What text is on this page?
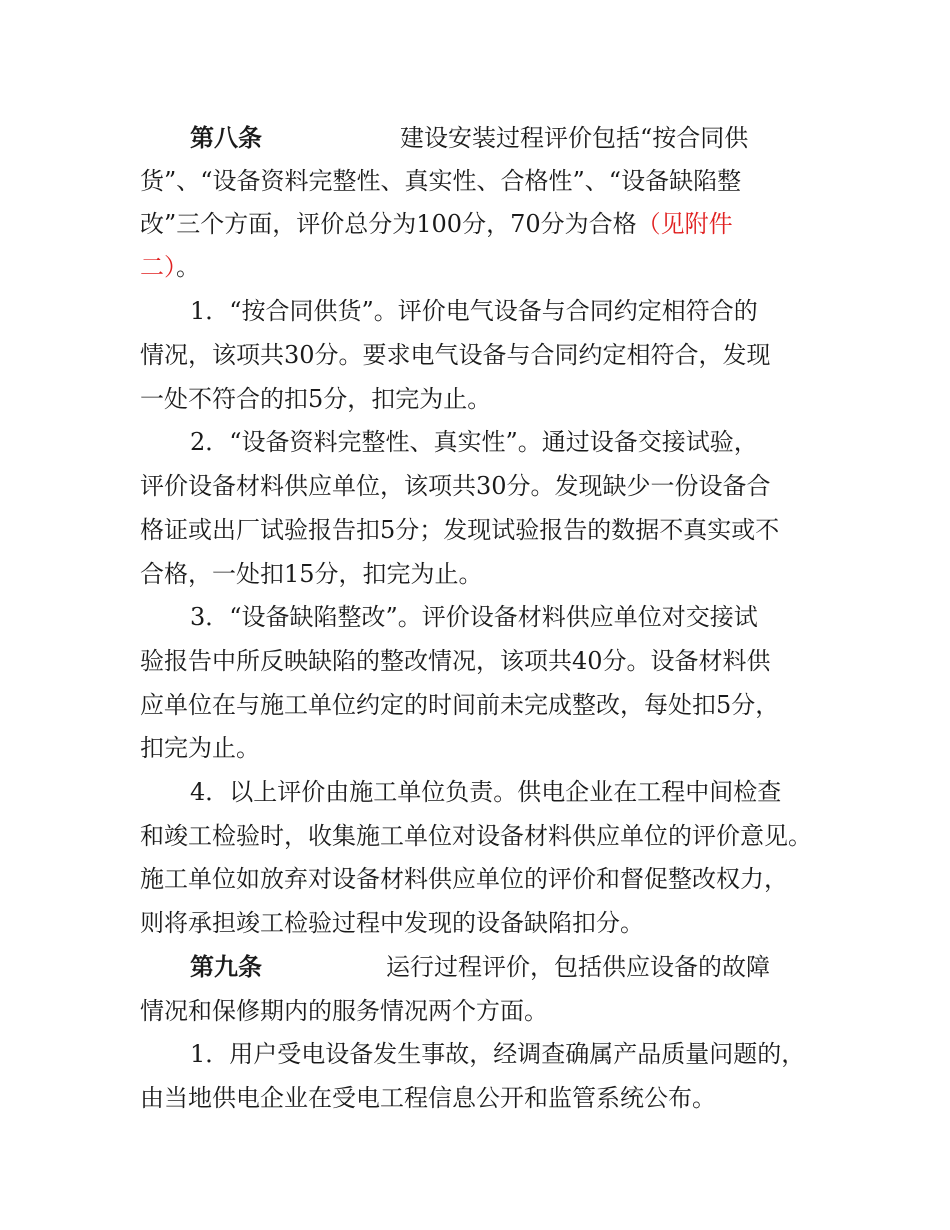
第八条	建设安装过程评价包括“按合同供
货”、“设备资料完整性、真实性、合格性”、“设备缺陷整
改”三个方面，评价总分为100分，70分为合格（见附件
二）。
1．“按合同供货”。评价电气设备与合同约定相符合的
情况，该项共30分。要求电气设备与合同约定相符合，发现
一处不符合的扣5分，扣完为止。
2．“设备资料完整性、真实性”。通过设备交接试验，
评价设备材料供应单位，该项共30分。发现缺少一份设备合
格证或出厂试验报告扣5分；发现试验报告的数据不真实或不
合格，一处扣15分，扣完为止。
3．“设备缺陷整改”。评价设备材料供应单位对交接试
验报告中所反映缺陷的整改情况，该项共40分。设备材料供
应单位在与施工单位约定的时间前未完成整改，每处扣5分，
扣完为止。
4．以上评价由施工单位负责。供电企业在工程中间检查
和竣工检验时，收集施工单位对设备材料供应单位的评价意见。
施工单位如放弃对设备材料供应单位的评价和督促整改权力，
则将承担竣工检验过程中发现的设备缺陷扣分。
第九条	运行过程评价，包括供应设备的故障
情况和保修期内的服务情况两个方面。
1．用户受电设备发生事故，经调查确属产品质量问题的，
由当地供电企业在受电工程信息公开和监管系统公布。
